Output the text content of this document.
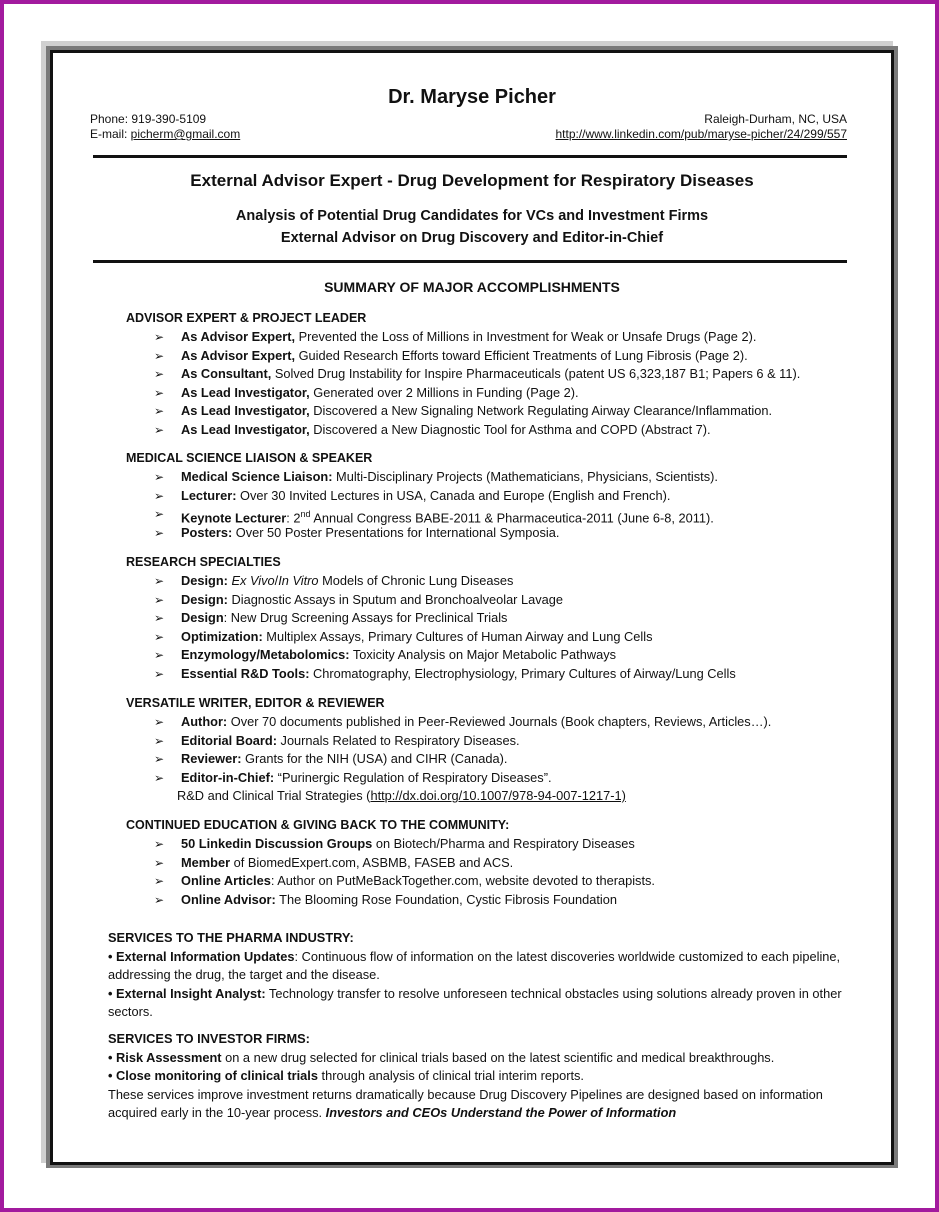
Dr. Maryse Picher
Phone: 919-390-5109
E-mail: picherm@gmail.com
Raleigh-Durham, NC, USA
http://www.linkedin.com/pub/maryse-picher/24/299/557
External Advisor Expert - Drug Development for Respiratory Diseases
Analysis of Potential Drug Candidates for VCs and Investment Firms
External Advisor on Drug Discovery and Editor-in-Chief
SUMMARY OF MAJOR ACCOMPLISHMENTS
ADVISOR EXPERT & PROJECT LEADER
➢ As Advisor Expert, Prevented the Loss of Millions in Investment for Weak or Unsafe Drugs (Page 2).
➢ As Advisor Expert, Guided Research Efforts toward Efficient Treatments of Lung Fibrosis (Page 2).
➢ As Consultant, Solved Drug Instability for Inspire Pharmaceuticals (patent US 6,323,187 B1; Papers 6 & 11).
➢ As Lead Investigator, Generated over 2 Millions in Funding (Page 2).
➢ As Lead Investigator, Discovered a New Signaling Network Regulating Airway Clearance/Inflammation.
➢ As Lead Investigator, Discovered a New Diagnostic Tool for Asthma and COPD (Abstract 7).
MEDICAL SCIENCE LIAISON & SPEAKER
➢ Medical Science Liaison: Multi-Disciplinary Projects (Mathematicians, Physicians, Scientists).
➢ Lecturer: Over 30 Invited Lectures in USA, Canada and Europe (English and French).
➢ Keynote Lecturer: 2nd Annual Congress BABE-2011 & Pharmaceutica-2011 (June 6-8, 2011).
➢ Posters: Over 50 Poster Presentations for International Symposia.
RESEARCH SPECIALTIES
➢ Design: Ex Vivo/In Vitro Models of Chronic Lung Diseases
➢ Design: Diagnostic Assays in Sputum and Bronchoalveolar Lavage
➢ Design: New Drug Screening Assays for Preclinical Trials
➢ Optimization: Multiplex Assays, Primary Cultures of Human Airway and Lung Cells
➢ Enzymology/Metabolomics: Toxicity Analysis on Major Metabolic Pathways
➢ Essential R&D Tools: Chromatography, Electrophysiology, Primary Cultures of Airway/Lung Cells
VERSATILE WRITER, EDITOR & REVIEWER
➢ Author: Over 70 documents published in Peer-Reviewed Journals (Book chapters, Reviews, Articles…).
➢ Editorial Board: Journals Related to Respiratory Diseases.
➢ Reviewer: Grants for the NIH (USA) and CIHR (Canada).
➢ Editor-in-Chief: “Purinergic Regulation of Respiratory Diseases”.
R&D and Clinical Trial Strategies (http://dx.doi.org/10.1007/978-94-007-1217-1)
CONTINUED EDUCATION & GIVING BACK TO THE COMMUNITY:
➢ 50 Linkedin Discussion Groups on Biotech/Pharma and Respiratory Diseases
➢ Member of BiomedExpert.com, ASBMB, FASEB and ACS.
➢ Online Articles: Author on PutMeBackTogether.com, website devoted to therapists.
➢ Online Advisor: The Blooming Rose Foundation, Cystic Fibrosis Foundation

SERVICES TO THE PHARMA INDUSTRY:

• External Information Updates: Continuous flow of information on the latest discoveries worldwide customized to each pipeline, addressing the drug, the target and the disease.

• External Insight Analyst: Technology transfer to resolve unforeseen technical obstacles using solutions already proven in other sectors.

SERVICES TO INVESTOR FIRMS:

• Risk Assessment on a new drug selected for clinical trials based on the latest scientific and medical breakthroughs.

• Close monitoring of clinical trials through analysis of clinical trial interim reports.

These services improve investment returns dramatically because Drug Discovery Pipelines are designed based on information acquired early in the 10-year process. Investors and CEOs Understand the Power of Information
